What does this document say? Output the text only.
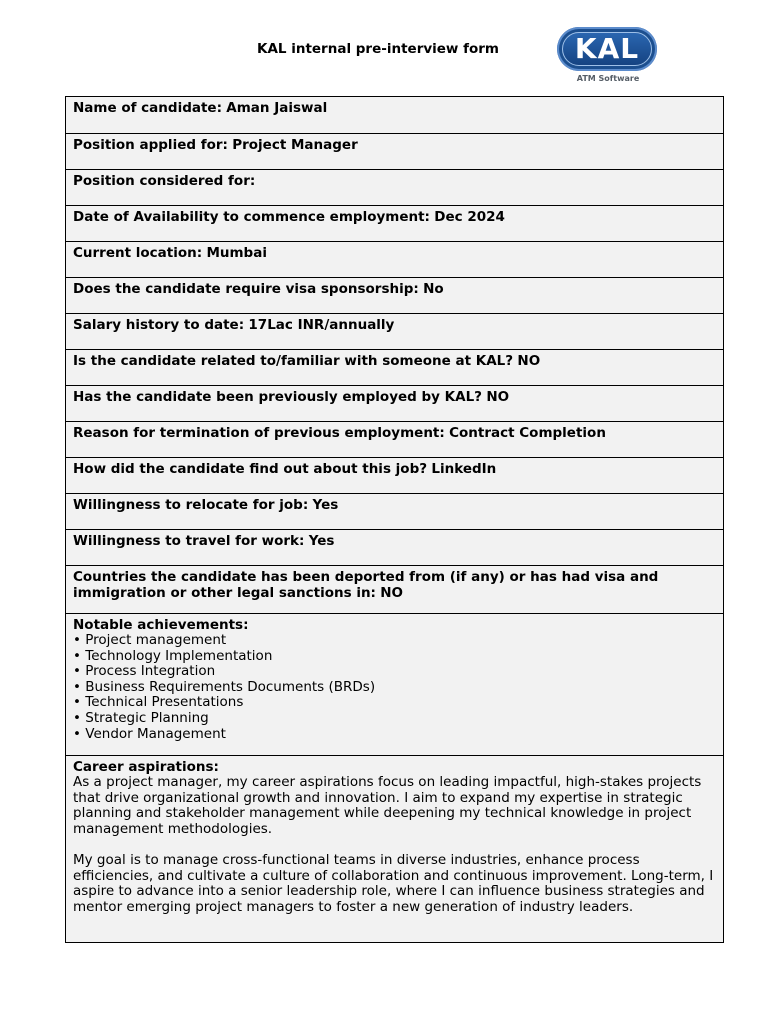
KAL internal pre-interview form	KAL
ATM Software
Name of candidate: Aman Jaiswal
Position applied for: Project Manager
Position considered for:
Date of Availability to commence employment: Dec 2024
Current location: Mumbai
Does the candidate require visa sponsorship: No
Salary history to date: 17Lac INR/annually
Is the candidate related to/familiar with someone at KAL? NO
Has the candidate been previously employed by KAL? NO
Reason for termination of previous employment: Contract Completion
How did the candidate find out about this job? LinkedIn
Willingness to relocate for job: Yes
Willingness to travel for work: Yes
Countries the candidate has been deported from (if any) or has had visa and immigration or other legal sanctions in: NO
Notable achievements:
• Project management
• Technology Implementation
• Process Integration
• Business Requirements Documents (BRDs)
• Technical Presentations
• Strategic Planning
• Vendor Management
Career aspirations:

As a project manager, my career aspirations focus on leading impactful, high-stakes projects that drive organizational growth and innovation. I aim to expand my expertise in strategic planning and stakeholder management while deepening my technical knowledge in project management methodologies.

My goal is to manage cross-functional teams in diverse industries, enhance process efficiencies, and cultivate a culture of collaboration and continuous improvement. Long-term, I aspire to advance into a senior leadership role, where I can influence business strategies and mentor emerging project managers to foster a new generation of industry leaders.
